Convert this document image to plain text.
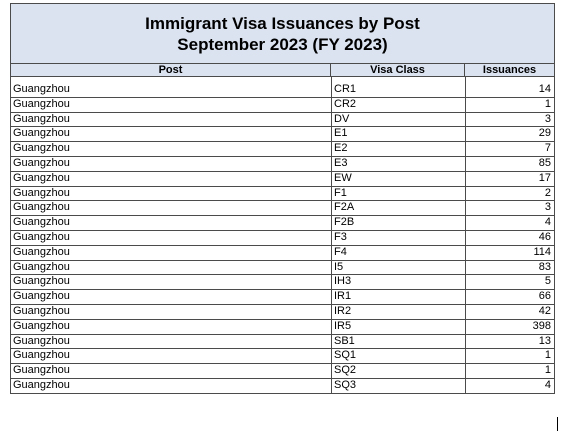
Immigrant Visa Issuances by Post
September 2023 (FY 2023)
Post	Visa Class	Issuances
Guangzhou	CR1	14
Guangzhou	CR2	1
Guangzhou	DV	3
Guangzhou	E1	29
Guangzhou	E2	7
Guangzhou	E3	85
Guangzhou	EW	17
Guangzhou	F1	2
Guangzhou	F2A	3
Guangzhou	F2B	4
Guangzhou	F3	46
Guangzhou	F4	114
Guangzhou	I5	83
Guangzhou	IH3	5
Guangzhou	IR1	66
Guangzhou	IR2	42
Guangzhou	IR5	398
Guangzhou	SB1	13
Guangzhou	SQ1	1
Guangzhou	SQ2	1
Guangzhou	SQ3	4
